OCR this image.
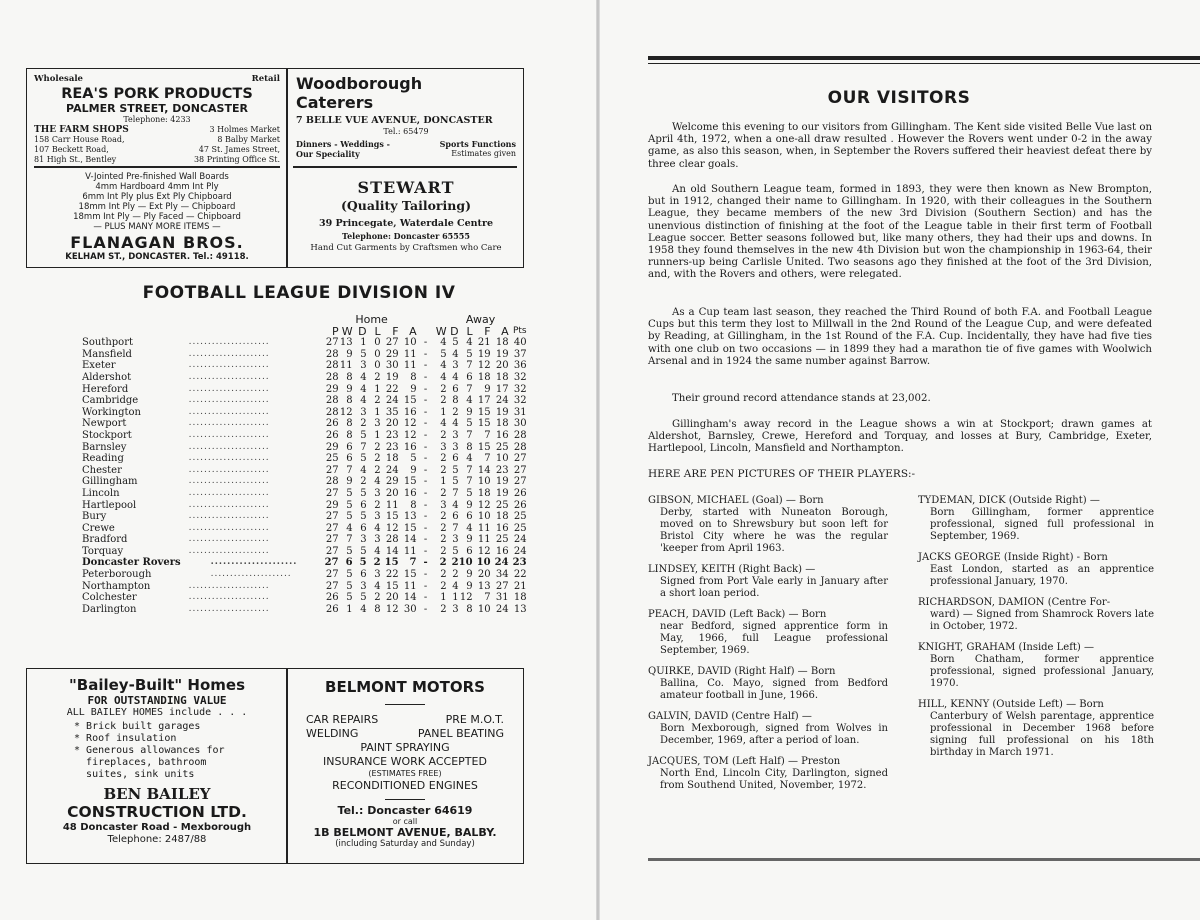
Wholesale	Retail
REA'S PORK PRODUCTS
PALMER STREET, DONCASTER
Telephone: 4233
THE FARM SHOPS	3 Holmes Market
158 Carr House Road,	8 Balby Market
107 Beckett Road,	47 St. James Street,
81 High St., Bentley	38 Printing Office St.
Woodborough
Caterers
7 BELLE VUE AVENUE, DONCASTER
Tel.: 65479
Dinners - Weddings -	Sports Functions
Our Speciality	Estimates given
V-Jointed Pre-finished Wall Boards
4mm Hardboard 4mm Int Ply
6mm Int Ply plus Ext Ply Chipboard
18mm Int Ply — Ext Ply — Chipboard
18mm Int Ply — Ply Faced — Chipboard
— PLUS MANY MORE ITEMS —
FLANAGAN BROS.
KELHAM ST., DONCASTER. Tel.: 49118.
STEWART
(Quality Tailoring)
39 Princegate, Waterdale Centre
Telephone: Doncaster 65555
Hand Cut Garments by Craftsmen who Care
FOOTBALL LEAGUE DIVISION IV
		Home							Away					
		P	W	D	L	F	A		W	D	L	F	A	Pts
Southport	.....................	27	13	1	0	27	10	-	4	5	4	21	18	40
Mansfield	.....................	28	9	5	0	29	11	-	5	4	5	19	19	37
Exeter	.....................	28	11	3	0	30	11	-	4	3	7	12	20	36
Aldershot	.....................	28	8	4	2	19	8	-	4	4	6	18	18	32
Hereford	.....................	29	9	4	1	22	9	-	2	6	7	9	17	32
Cambridge	.....................	28	8	4	2	24	15	-	2	8	4	17	24	32
Workington	.....................	28	12	3	1	35	16	-	1	2	9	15	19	31
Newport	.....................	26	8	2	3	20	12	-	4	4	5	15	18	30
Stockport	.....................	26	8	5	1	23	12	-	2	3	7	7	16	28
Barnsley	.....................	29	6	7	2	23	16	-	3	3	8	15	25	28
Reading	.....................	25	6	5	2	18	5	-	2	6	4	7	10	27
Chester	.....................	27	7	4	2	24	9	-	2	5	7	14	23	27
Gillingham	.....................	28	9	2	4	29	15	-	1	5	7	10	19	27
Lincoln	.....................	27	5	5	3	20	16	-	2	7	5	18	19	26
Hartlepool	.....................	29	5	6	2	11	8	-	3	4	9	12	25	26
Bury	.....................	27	5	5	3	15	13	-	2	6	6	10	18	25
Crewe	.....................	27	4	6	4	12	15	-	2	7	4	11	16	25
Bradford	.....................	27	7	3	3	28	14	-	2	3	9	11	25	24
Torquay	.....................	27	5	5	4	14	11	-	2	5	6	12	16	24
Doncaster Rovers	.....................	27	6	5	2	15	7	-	2	2	10	10	24	23
Peterborough	.....................	27	5	6	3	22	15	-	2	2	9	20	34	22
Northampton	.....................	27	5	3	4	15	11	-	2	4	9	13	27	21
Colchester	.....................	26	5	5	2	20	14	-	1	1	12	7	31	18
Darlington	.....................	26	1	4	8	12	30	-	2	3	8	10	24	13
"Bailey-Built" Homes
FOR OUTSTANDING VALUE
ALL BAILEY HOMES include . . .
* Brick built garages
* Roof insulation
* Generous allowances for fireplaces, bathroom suites, sink units
BEN BAILEY
CONSTRUCTION LTD.
48 Doncaster Road - Mexborough
Telephone: 2487/88
BELMONT MOTORS
CAR REPAIRS	PRE M.O.T.
WELDING	PANEL BEATING
PAINT SPRAYING
INSURANCE WORK ACCEPTED
(ESTIMATES FREE)
RECONDITIONED ENGINES
Tel.: Doncaster 64619
or call
1B BELMONT AVENUE, BALBY.
(including Saturday and Sunday)
OUR VISITORS

Welcome this evening to our visitors from Gillingham. The Kent side visited Belle Vue last on April 4th, 1972, when a one-all draw resulted . However the Rovers went under 0-2 in the away game, as also this season, when, in September the Rovers suffered their heaviest defeat there by three clear goals.

An old Southern League team, formed in 1893, they were then known as New Brompton, but in 1912, changed their name to Gillingham. In 1920, with their colleagues in the Southern League, they became members of the new 3rd Division (Southern Section) and has the unenvious distinction of finishing at the foot of the League table in their first term of Football League soccer. Better seasons followed but, like many others, they had their ups and downs. In 1958 they found themselves in the new 4th Division but won the championship in 1963-64, their runners-up being Carlisle United. Two seasons ago they finished at the foot of the 3rd Division, and, with the Rovers and others, were relegated.

As a Cup team last season, they reached the Third Round of both F.A. and Football League Cups but this term they lost to Millwall in the 2nd Round of the League Cup, and were defeated by Reading, at Gillingham, in the 1st Round of the F.A. Cup. Incidentally, they have had five ties with one club on two occasions — in 1899 they had a marathon tie of five games with Woolwich Arsenal and in 1924 the same number against Barrow.

Their ground record attendance stands at 23,002.

Gillingham's away record in the League shows a win at Stockport; drawn games at Aldershot, Barnsley, Crewe, Hereford and Torquay, and losses at Bury, Cambridge, Exeter, Hartlepool, Lincoln, Mansfield and Northampton.

HERE ARE PEN PICTURES OF THEIR PLAYERS:-

GIBSON, MICHAEL (Goal) — Born
Derby, started with Nuneaton Borough, moved on to Shrewsbury but soon left for Bristol City where he was the regular 'keeper from April 1963.

LINDSEY, KEITH (Right Back) —
Signed from Port Vale early in January after a short loan period.

PEACH, DAVID (Left Back) — Born
near Bedford, signed apprentice form in May, 1966, full League professional September, 1969.

QUIRKE, DAVID (Right Half) — Born
Ballina, Co. Mayo, signed from Bedford amateur football in June, 1966.

GALVIN, DAVID (Centre Half) —
Born Mexborough, signed from Wolves in December, 1969, after a period of loan.

JACQUES, TOM (Left Half) — Preston
North End, Lincoln City, Darlington, signed from Southend United, November, 1972.

TYDEMAN, DICK (Outside Right) —
Born Gillingham, former apprentice professional, signed full professional in September, 1969.

JACKS GEORGE (Inside Right) - Born
East London, started as an apprentice professional January, 1970.

RICHARDSON, DAMION (Centre For-
ward) — Signed from Shamrock Rovers late in October, 1972.

KNIGHT, GRAHAM (Inside Left) —
Born Chatham, former apprentice professional, signed professional January, 1970.

HILL, KENNY (Outside Left) — Born
Canterbury of Welsh parentage, apprentice professional in December 1968 before signing full professional on his 18th birthday in March 1971.
